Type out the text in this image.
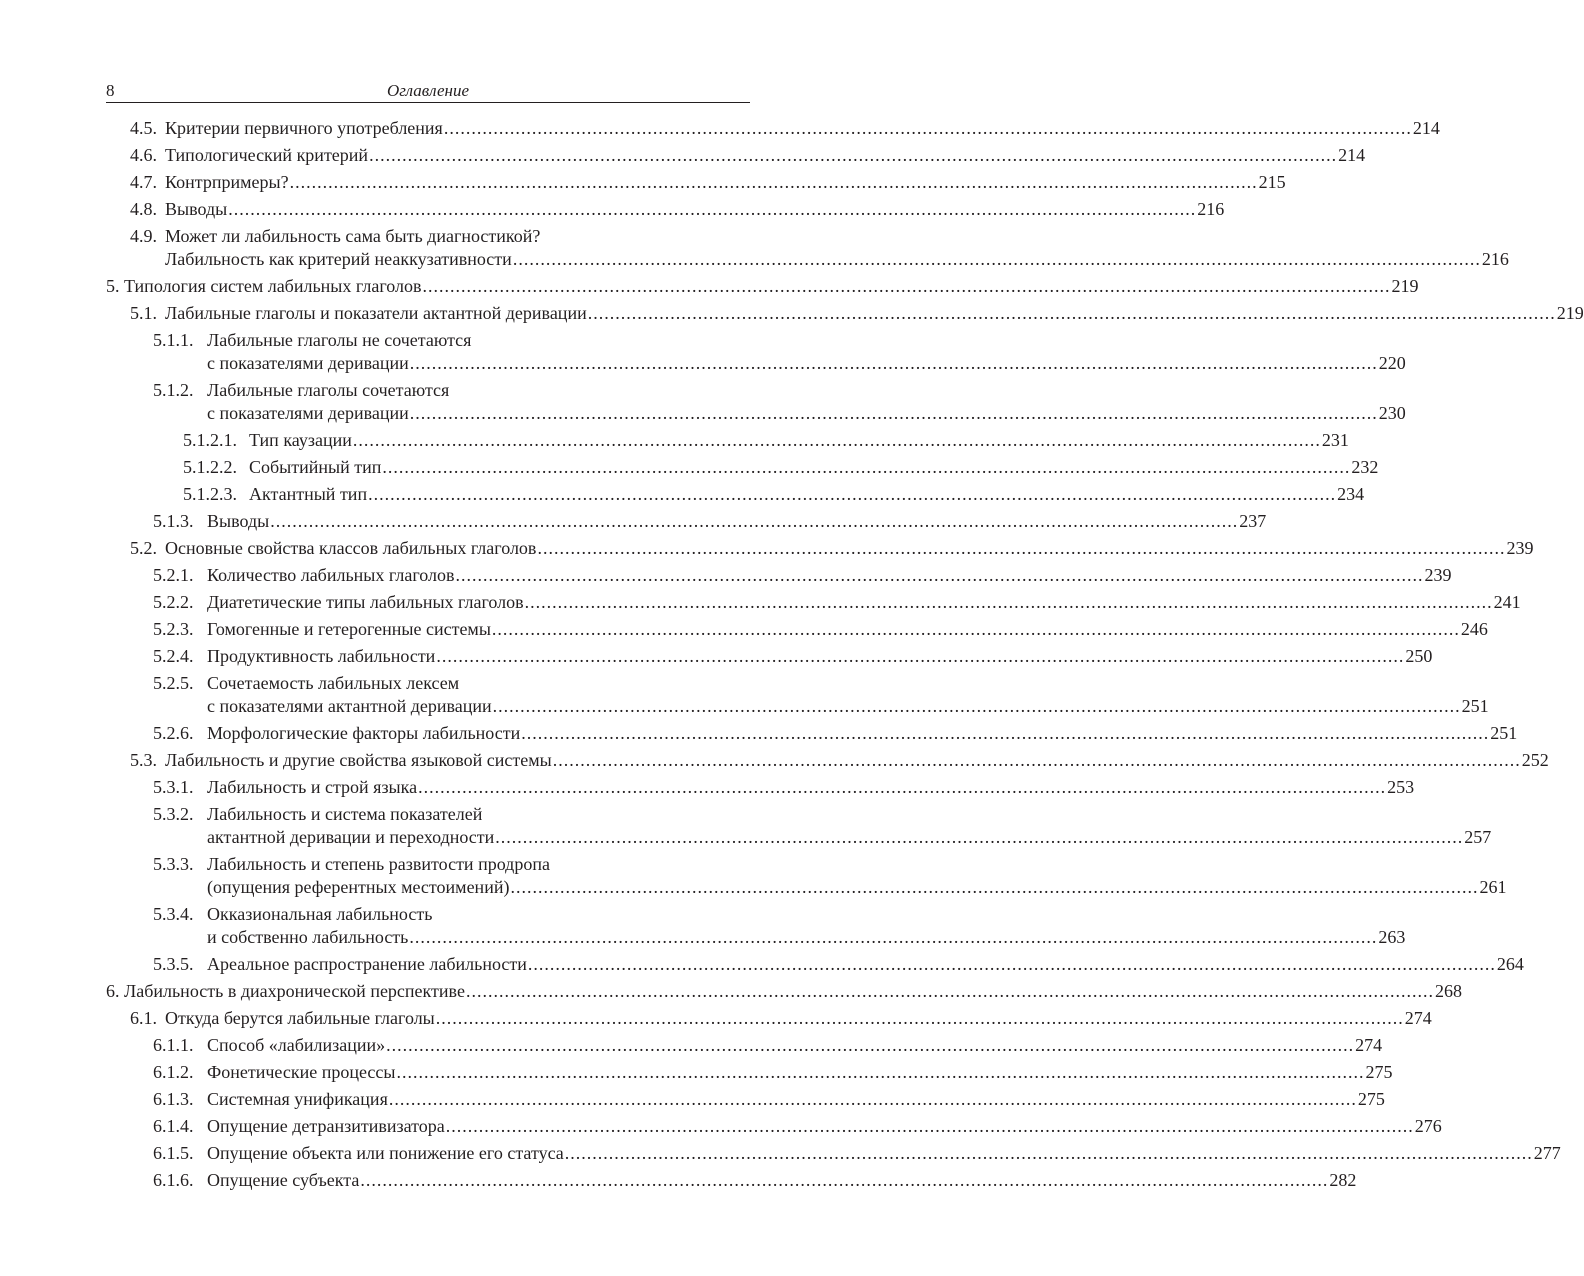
8	Оглавление
4.5. Критерии первичного употребления .....	214
4.6. Типологический критерий .....	214
4.7. Контрпримеры? .....	215
4.8. Выводы .....	216
4.9. Может ли лабильность сама быть диагностикой?
Лабильность как критерий неаккузативности .....	216
5. Типология систем лабильных глаголов .....	219
5.1. Лабильные глаголы и показатели актантной деривации .....	219
5.1.1. Лабильные глаголы не сочетаются
с показателями деривации .....	220
5.1.2. Лабильные глаголы сочетаются
с показателями деривации .....	230
5.1.2.1. Тип каузации .....	231
5.1.2.2. Событийный тип .....	232
5.1.2.3. Актантный тип .....	234
5.1.3. Выводы .....	237
5.2. Основные свойства классов лабильных глаголов .....	239
5.2.1. Количество лабильных глаголов .....	239
5.2.2. Диатетические типы лабильных глаголов .....	241
5.2.3. Гомогенные и гетерогенные системы .....	246
5.2.4. Продуктивность лабильности .....	250
5.2.5. Сочетаемость лабильных лексем
с показателями актантной деривации .....	251
5.2.6. Морфологические факторы лабильности .....	251
5.3. Лабильность и другие свойства языковой системы .....	252
5.3.1. Лабильность и строй языка .....	253
5.3.2. Лабильность и система показателей
актантной деривации и переходности .....	257
5.3.3. Лабильность и степень развитости продропа
(опущения референтных местоимений) .....	261
5.3.4. Окказиональная лабильность
и собственно лабильность .....	263
5.3.5. Ареальное распространение лабильности .....	264
6. Лабильность в диахронической перспективе .....	268
6.1. Откуда берутся лабильные глаголы .....	274
6.1.1. Способ «лабилизации» .....	274
6.1.2. Фонетические процессы .....	275
6.1.3. Системная унификация .....	275
6.1.4. Опущение детранзитивизатора .....	276
6.1.5. Опущение объекта или понижение его статуса .....	277
6.1.6. Опущение субъекта .....	282
